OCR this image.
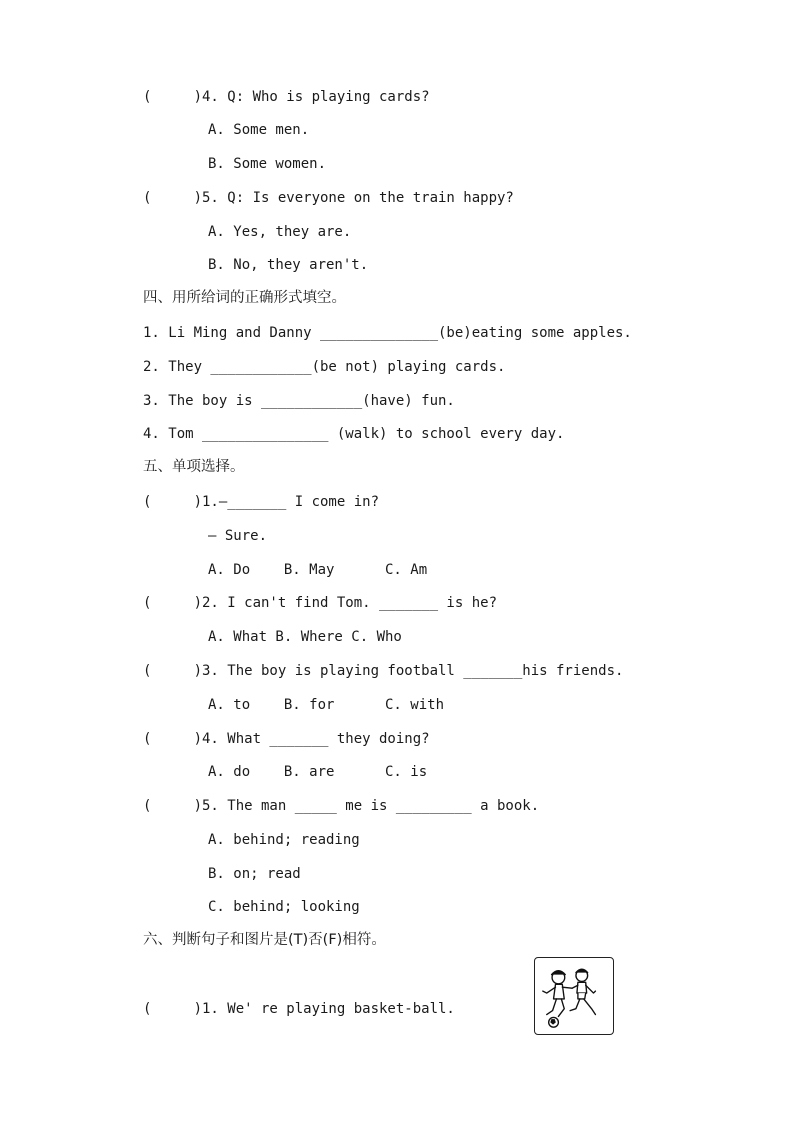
(     )4. Q: Who is playing cards?
A. Some men.
B. Some women.
(     )5. Q: Is everyone on the train happy?
A. Yes, they are.
B. No, they aren't.
四、用所给词的正确形式填空。
1. Li Ming and Danny ______________(be)eating some apples.
2. They ____________(be not) playing cards.
3. The boy is ____________(have) fun.
4. Tom _______________ (walk) to school every day.
五、单项选择。
(     )1.—_______ I come in?
— Sure.
A. Do    B. May      C. Am
(     )2. I can't find Tom. _______ is he?
A. What B. Where C. Who
(     )3. The boy is playing football _______his friends.
A. to    B. for      C. with
(     )4. What _______ they doing?
A. do    B. are      C. is
(     )5. The man _____ me is _________ a book.
A. behind; reading
B. on; read
C. behind; looking
六、判断句子和图片是(T)否(F)相符。
(     )1. We' re playing basket-ball.
